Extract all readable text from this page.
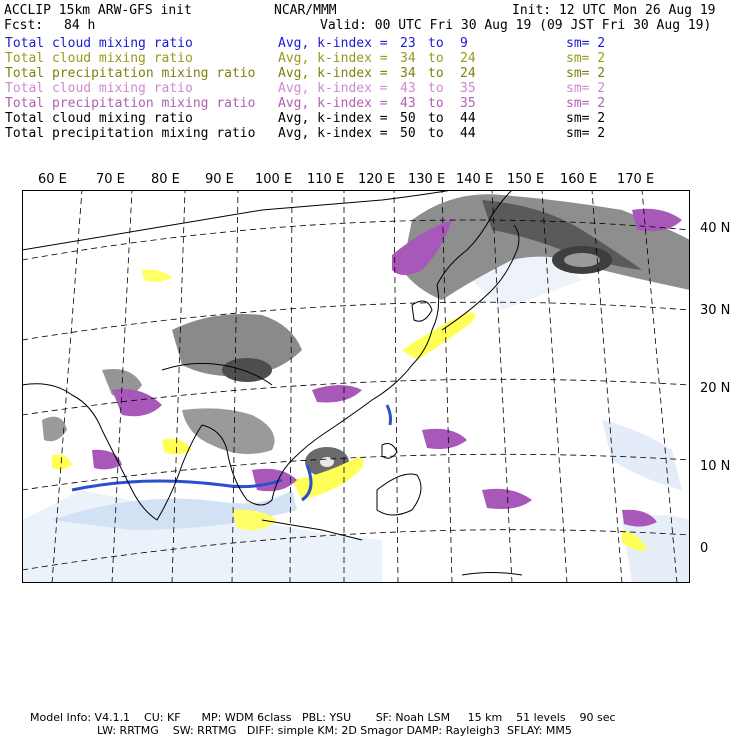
ACCLIP 15km ARW-GFS init	NCAR/MMM	Init: 12 UTC Mon 26 Aug 19
Fcst: 84 h	Valid: 00 UTC Fri 30 Aug 19 (09 JST Fri 30 Aug 19)
Total cloud mixing ratio	Avg, k-index = 23 to 9	sm= 2
Total cloud mixing ratio	Avg, k-index = 34 to 24	sm= 2
Total precipitation mixing ratio Avg, k-index = 34 to 24	sm= 2
Total cloud mixing ratio	Avg, k-index = 43 to 35	sm= 2
Total precipitation mixing ratio Avg, k-index = 43 to 35	sm= 2
Total cloud mixing ratio	Avg, k-index = 50 to 44	sm= 2
Total precipitation mixing ratio Avg, k-index = 50 to 44	sm= 2
60 E 70 E 80 E 90 E 100 E 110 E 120 E 130 E 140 E 150 E 160 E 170 E
40 N
30 N
20 N
10 N
0
Model Info: V4.1.1    CU: KF      MP: WDM 6class   PBL: YSU       SF: Noah LSM     15 km    51 levels    90 sec
LW: RRTMG    SW: RRTMG   DIFF: simple KM: 2D Smagor DAMP: Rayleigh3  SFLAY: MM5
